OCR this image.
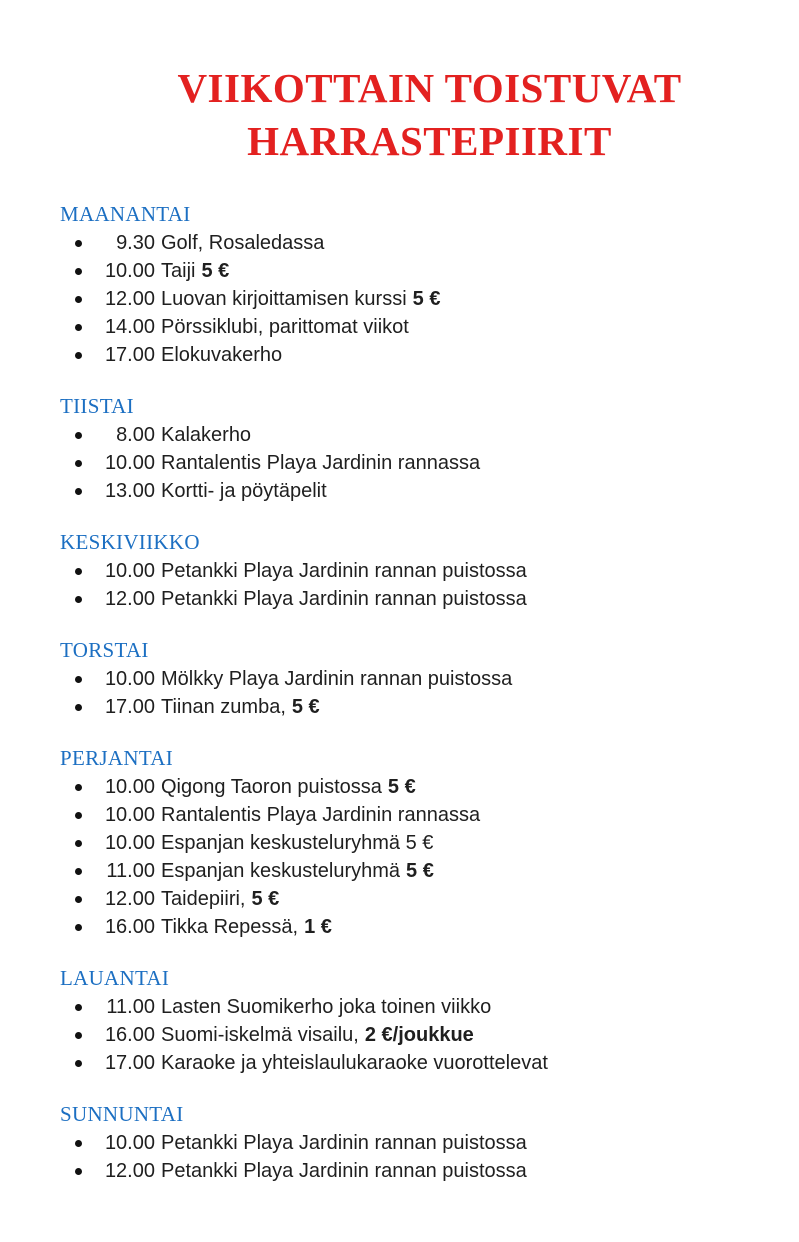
VIIKOTTAIN TOISTUVAT
HARRASTEPIIRIT
MAANANTAI
9.30 Golf, Rosaledassa
10.00 Taiji 5 €
12.00 Luovan kirjoittamisen kurssi 5 €
14.00 Pörssiklubi, parittomat viikot
17.00 Elokuvakerho
TIISTAI
8.00 Kalakerho
10.00 Rantalentis Playa Jardinin rannassa
13.00 Kortti- ja pöytäpelit
KESKIVIIKKO
10.00 Petankki Playa Jardinin rannan puistossa
12.00 Petankki Playa Jardinin rannan puistossa
TORSTAI
10.00 Mölkky Playa Jardinin rannan puistossa
17.00 Tiinan zumba, 5 €
PERJANTAI
10.00 Qigong Taoron puistossa 5 €
10.00 Rantalentis Playa Jardinin rannassa
10.00 Espanjan keskusteluryhmä 5 €
11.00 Espanjan keskusteluryhmä 5 €
12.00 Taidepiiri, 5 €
16.00 Tikka Repessä, 1 €
LAUANTAI
11.00 Lasten Suomikerho joka toinen viikko
16.00 Suomi-iskelmä visailu, 2 €/joukkue
17.00 Karaoke ja yhteislaulukaraoke vuorottelevat
SUNNUNTAI
10.00 Petankki Playa Jardinin rannan puistossa
12.00 Petankki Playa Jardinin rannan puistossa
